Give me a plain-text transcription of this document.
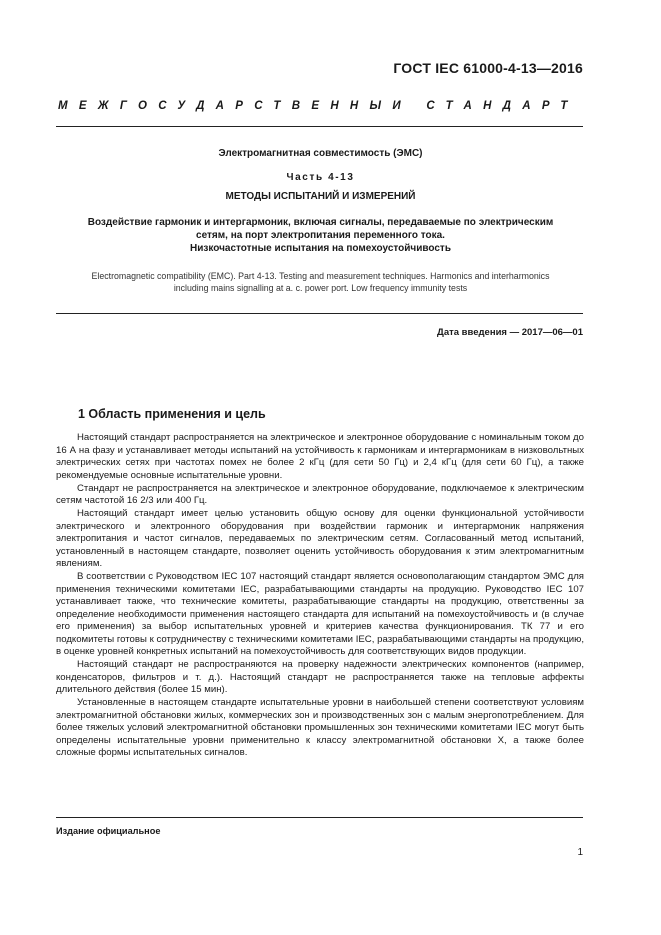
ГОСТ IEC 61000-4-13—2016
МЕЖГОСУДАРСТВЕННЫЙ СТАНДАРТ
Электромагнитная совместимость (ЭМС)
Часть 4-13
МЕТОДЫ ИСПЫТАНИЙ И ИЗМЕРЕНИЙ
Воздействие гармоник и интергармоник, включая сигналы, передаваемые по электрическим
сетям, на порт электропитания переменного тока.
Низкочастотные испытания на помехоустойчивость
Electromagnetic compatibility (EMC). Part 4-13. Testing and measurement techniques. Harmonics and interharmonics
including mains signalling at a. c. power port. Low frequency immunity tests
Дата введения — 2017—06—01
1 Область применения и цель

Настоящий стандарт распространяется на электрическое и электронное оборудование с номинальным током до 16 А на фазу и устанавливает методы испытаний на устойчивость к гармоникам и интергармоникам в низковольтных электрических сетях при частотах помех не более 2 кГц (для сети 50 Гц) и 2,4 кГц (для сети 60 Гц), а также рекомендуемые основные испытательные уровни.

Стандарт не распространяется на электрическое и электронное оборудование, подключаемое к электрическим сетям частотой 16 2/3 или 400 Гц.

Настоящий стандарт имеет целью установить общую основу для оценки функциональной устойчивости электрического и электронного оборудования при воздействии гармоник и интергармоник напряжения электропитания и частот сигналов, передаваемых по электрическим сетям. Согласованный метод испытаний, установленный в настоящем стандарте, позволяет оценить устойчивость оборудования к этим электромагнитным явлениям.

В соответствии с Руководством IEC 107 настоящий стандарт является основополагающим стандартом ЭМС для применения техническими комитетами IEC, разрабатывающими стандарты на продукцию. Руководство IEC 107 устанавливает также, что технические комитеты, разрабатывающие стандарты на продукцию, ответственны за определение необходимости применения настоящего стандарта для испытаний на помехоустойчивость и (в случае его применения) за выбор испытательных уровней и критериев качества функционирования. ТК 77 и его подкомитеты готовы к сотрудничеству с техническими комитетами IEC, разрабатывающими стандарты на продукцию, в оценке уровней конкретных испытаний на помехоустойчивость для соответствующих видов продукции.

Настоящий стандарт не распространяются на проверку надежности электрических компонентов (например, конденсаторов, фильтров и т. д.). Настоящий стандарт не распространяется также на тепловые аффекты длительного действия (более 15 мин).

Установленные в настоящем стандарте испытательные уровни в наибольшей степени соответствуют условиям электромагнитной обстановки жилых, коммерческих зон и производственных зон с малым энергопотреблением. Для более тяжелых условий электромагнитной обстановки промышленных зон техническими комитетами IEC могут быть определены испытательные уровни применительно к классу электромагнитной обстановки X, а также более сложные формы испытательных сигналов.

Издание официальное
1
